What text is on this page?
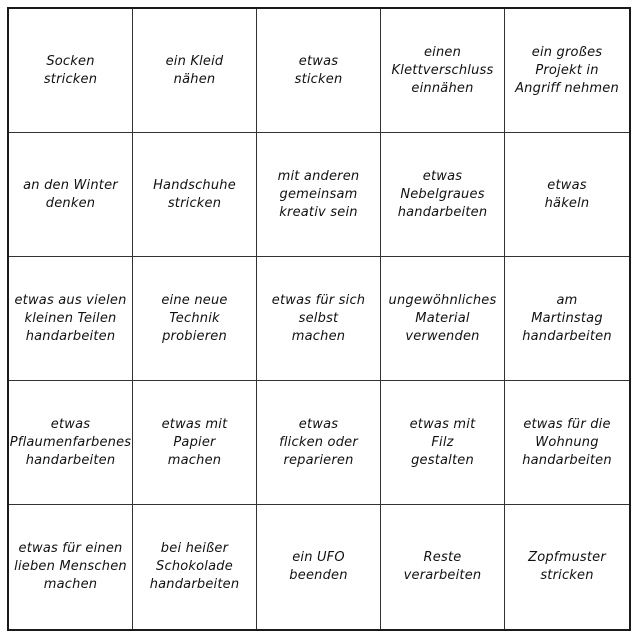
Socken
stricken
ein Kleid
nähen
etwas
sticken
einen
Klettverschluss
einnähen
ein großes
Projekt in
Angriff nehmen
an den Winter
denken
Handschuhe
stricken
mit anderen
gemeinsam
kreativ sein
etwas
Nebelgraues
handarbeiten
etwas
häkeln
etwas aus vielen
kleinen Teilen
handarbeiten
eine neue
Technik
probieren
etwas für sich
selbst
machen
ungewöhnliches
Material
verwenden
am
Martinstag
handarbeiten
etwas
Pflaumenfarbenes
handarbeiten
etwas mit
Papier
machen
etwas
flicken oder
reparieren
etwas mit
Filz
gestalten
etwas für die
Wohnung
handarbeiten
etwas für einen
lieben Menschen
machen
bei heißer
Schokolade
handarbeiten
ein UFO
beenden
Reste
verarbeiten
Zopfmuster
stricken
